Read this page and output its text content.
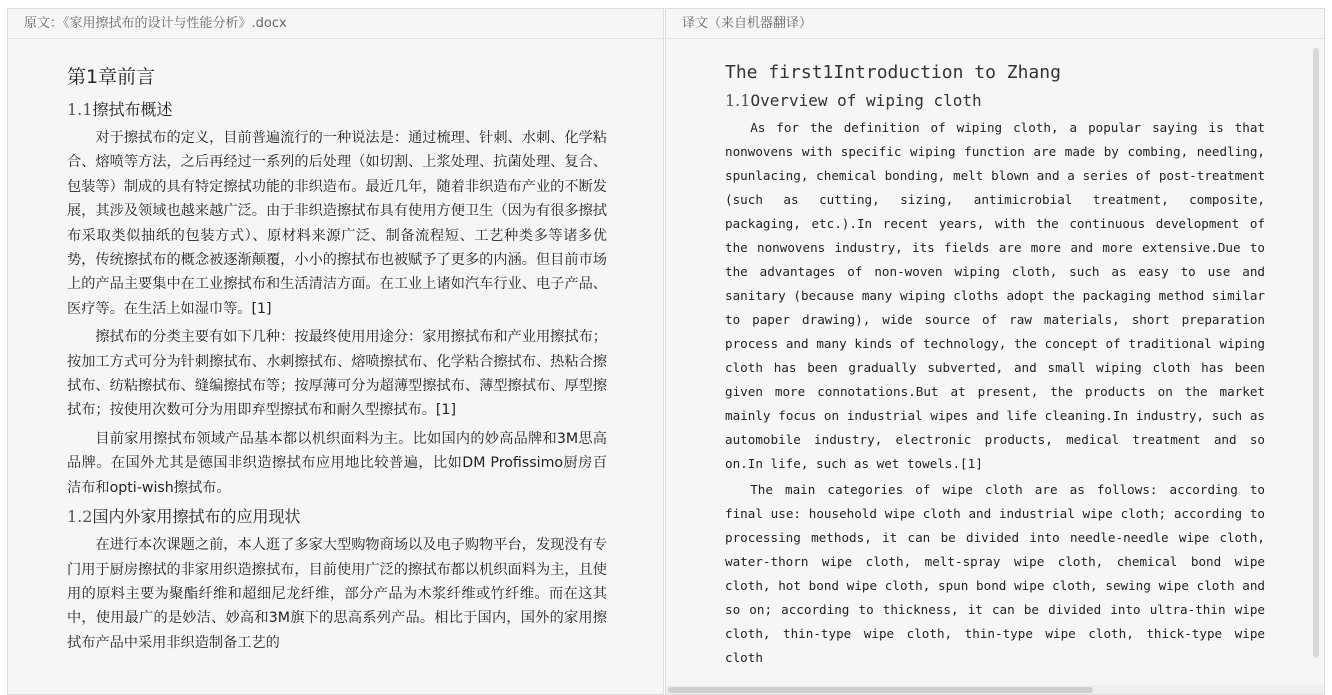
原文：《家用擦拭布的设计与性能分析》.docx
第1章前言
1.1擦拭布概述

对于擦拭布的定义，目前普遍流行的一种说法是：通过梳理、针刺、水刺、化学粘合、熔喷等方法，之后再经过一系列的后处理（如切割、上浆处理、抗菌处理、复合、包装等）制成的具有特定擦拭功能的非织造布。最近几年，随着非织造布产业的不断发展，其涉及领域也越来越广泛。由于非织造擦拭布具有使用方便卫生（因为有很多擦拭布采取类似抽纸的包装方式）、原材料来源广泛、制备流程短、工艺种类多等诸多优势，传统擦拭布的概念被逐渐颠覆，小小的擦拭布也被赋予了更多的内涵。但目前市场上的产品主要集中在工业擦拭布和生活清洁方面。在工业上诸如汽车行业、电子产品、医疗等。在生活上如湿巾等。[1]

擦拭布的分类主要有如下几种：按最终使用用途分：家用擦拭布和产业用擦拭布；按加工方式可分为针刺擦拭布、水刺擦拭布、熔喷擦拭布、化学粘合擦拭布、热粘合擦拭布、纺粘擦拭布、缝编擦拭布等；按厚薄可分为超薄型擦拭布、薄型擦拭布、厚型擦拭布；按使用次数可分为用即弃型擦拭布和耐久型擦拭布。[1]

目前家用擦拭布领域产品基本都以机织面料为主。比如国内的妙高品牌和3M思高品牌。在国外尤其是德国非织造擦拭布应用地比较普遍，比如DM Profissimo厨房百洁布和opti-wish擦拭布。

1.2国内外家用擦拭布的应用现状

在进行本次课题之前，本人逛了多家大型购物商场以及电子购物平台，发现没有专门用于厨房擦拭的非家用织造擦拭布，目前使用广泛的擦拭布都以机织面料为主，且使用的原料主要为聚酯纤维和超细尼龙纤维，部分产品为木浆纤维或竹纤维。而在这其中，使用最广的是妙洁、妙高和3M旗下的思高系列产品。相比于国内，国外的家用擦拭布产品中采用非织造制备工艺的

译文（来自机器翻译）
The first1Introduction to Zhang
1.1Overview of wiping cloth

As for the definition of wiping cloth, a popular saying is that nonwovens with specific wiping function are made by combing, needling, spunlacing, chemical bonding, melt blown and a series of post-treatment (such as cutting, sizing, antimicrobial treatment, composite, packaging, etc.).In recent years, with the continuous development of the nonwovens industry, its fields are more and more extensive.Due to the advantages of non-woven wiping cloth, such as easy to use and sanitary (because many wiping cloths adopt the packaging method similar to paper drawing), wide source of raw materials, short preparation process and many kinds of technology, the concept of traditional wiping cloth has been gradually subverted, and small wiping cloth has been given more connotations.But at present, the products on the market mainly focus on industrial wipes and life cleaning.In industry, such as automobile industry, electronic products, medical treatment and so on.In life, such as wet towels.[1]

The main categories of wipe cloth are as follows: according to final use: household wipe cloth and industrial wipe cloth; according to processing methods, it can be divided into needle-needle wipe cloth, water-thorn wipe cloth, melt-spray wipe cloth, chemical bond wipe cloth, hot bond wipe cloth, spun bond wipe cloth, sewing wipe cloth and so on; according to thickness, it can be divided into ultra-thin wipe cloth, thin-type wipe cloth, thin-type wipe cloth, thick-type wipe cloth
